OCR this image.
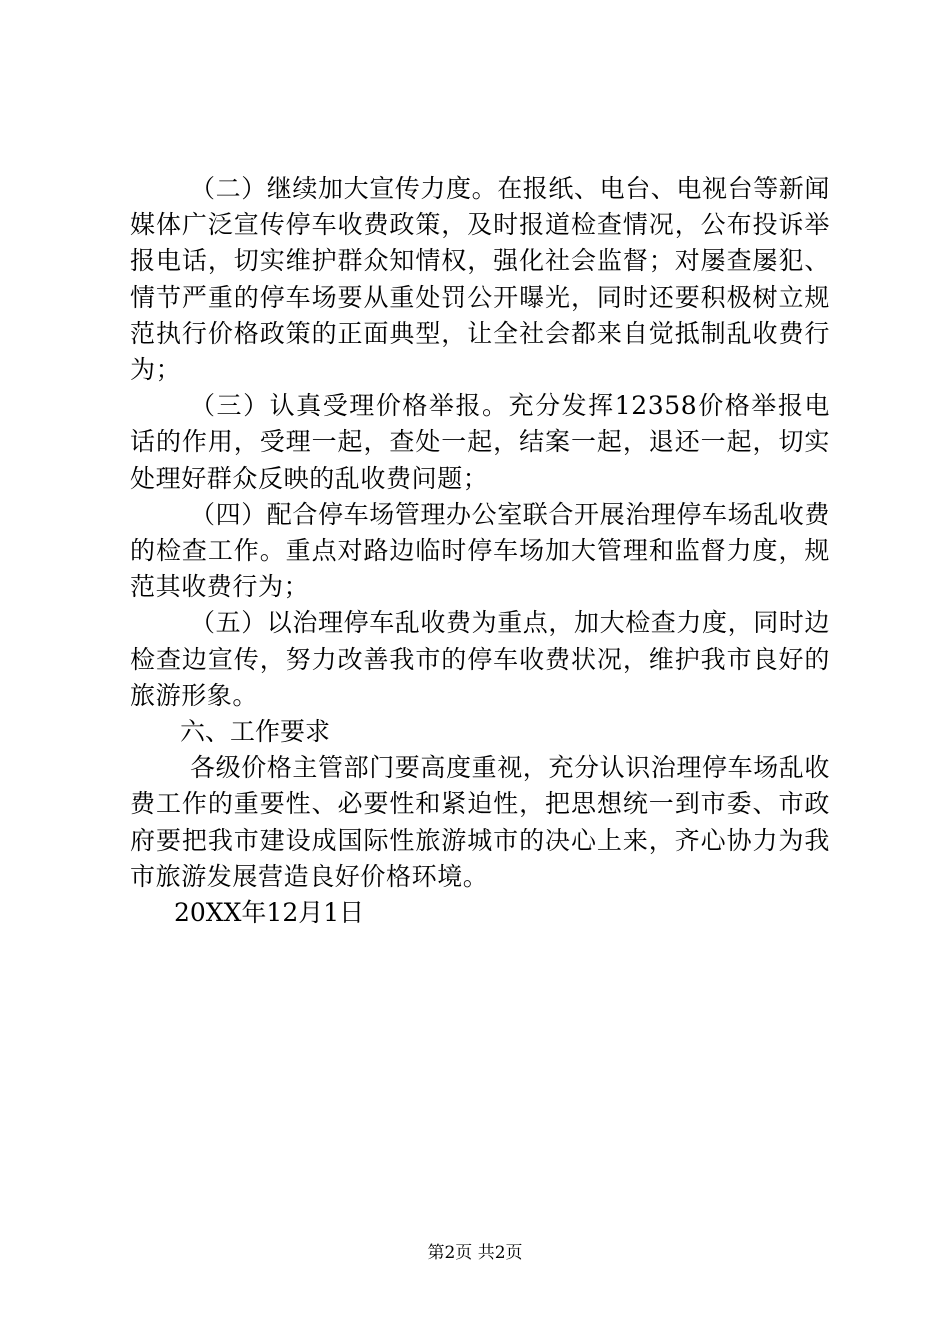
（二）继续加大宣传力度。在报纸、电台、电视台等新闻媒体广泛宣传停车收费政策，及时报道检查情况，公布投诉举报电话，切实维护群众知情权，强化社会监督；对屡查屡犯、情节严重的停车场要从重处罚公开曝光，同时还要积极树立规范执行价格政策的正面典型，让全社会都来自觉抵制乱收费行为；

（三）认真受理价格举报。充分发挥12358价格举报电话的作用，受理一起，查处一起，结案一起，退还一起，切实处理好群众反映的乱收费问题；

（四）配合停车场管理办公室联合开展治理停车场乱收费的检查工作。重点对路边临时停车场加大管理和监督力度，规范其收费行为；

（五）以治理停车乱收费为重点，加大检查力度，同时边检查边宣传，努力改善我市的停车收费状况，维护我市良好的旅游形象。

六、工作要求

各级价格主管部门要高度重视，充分认识治理停车场乱收费工作的重要性、必要性和紧迫性，把思想统一到市委、市政府要把我市建设成国际性旅游城市的决心上来，齐心协力为我市旅游发展营造良好价格环境。

20XX年12月1日

第2页 共2页
